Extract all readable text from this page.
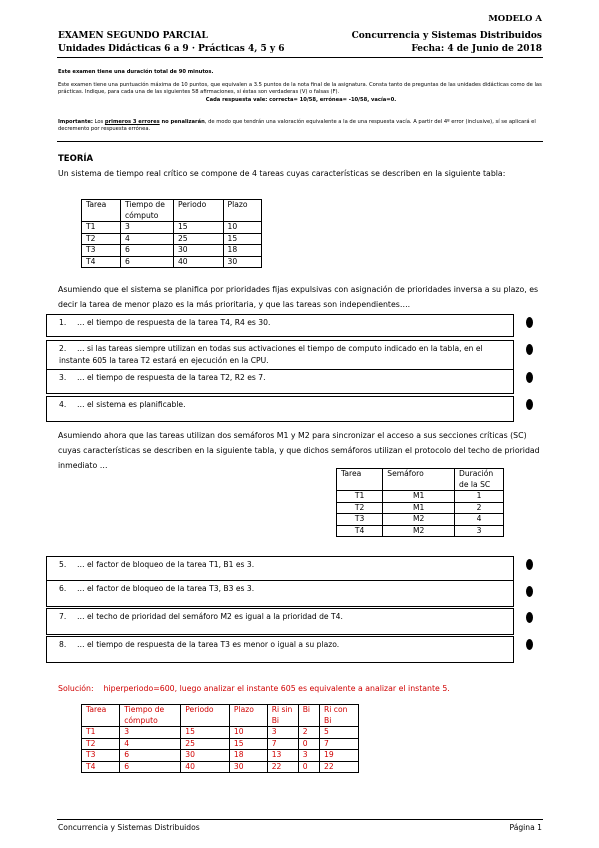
MODELO A
EXAMEN SEGUNDO PARCIAL
Unidades Didácticas 6 a 9 · Prácticas 4, 5 y 6
Concurrencia y Sistemas Distribuidos
Fecha: 4 de Junio de 2018
Este examen tiene una duración total de 90 minutos.
Este examen tiene una puntuación máxima de 10 puntos, que equivalen a 3.5 puntos de la nota final de la asignatura. Consta tanto de preguntas de las unidades didácticas como de las prácticas. Indique, para cada una de las siguientes 58 afirmaciones, si éstas son verdaderas (V) o falsas (F).
Cada respuesta vale: correcta= 10/58, errónea= -10/58, vacía=0.
Importante: Los primeros 3 errores no penalizarán, de modo que tendrán una valoración equivalente a la de una respuesta vacía. A partir del 4º error (inclusive), sí se aplicará el decremento por respuesta errónea.
TEORÍA
Un sistema de tiempo real crítico se compone de 4 tareas cuyas características se describen en la siguiente tabla:
Tarea	Tiempo de cómputo	Periodo	Plazo
T1	3	15	10
T2	4	25	15
T3	6	30	18
T4	6	40	30
Asumiendo que el sistema se planifica por prioridades fijas expulsivas con asignación de prioridades inversa a su plazo, es decir la tarea de menor plazo es la más prioritaria, y que las tareas son independientes….
1. … el tiempo de respuesta de la tarea T4, R4 es 30.
2. … si las tareas siempre utilizan en todas sus activaciones el tiempo de computo indicado en la tabla, en el instante 605 la tarea T2 estará en ejecución en la CPU.
3. … el tiempo de respuesta de la tarea T2, R2 es 7.
4. … el sistema es planificable.
Asumiendo ahora que las tareas utilizan dos semáforos M1 y M2 para sincronizar el acceso a sus secciones críticas (SC) cuyas características se describen en la siguiente tabla, y que dichos semáforos utilizan el protocolo del techo de prioridad inmediato …
Tarea	Semáforo	Duración de la SC
T1	M1	1
T2	M1	2
T3	M2	4
T4	M2	3
5. … el factor de bloqueo de la tarea T1, B1 es 3.
6. … el factor de bloqueo de la tarea T3, B3 es 3.
7. … el techo de prioridad del semáforo M2 es igual a la prioridad de T4.
8. … el tiempo de respuesta de la tarea T3 es menor o igual a su plazo.
Solución: hiperperiodo=600, luego analizar el instante 605 es equivalente a analizar el instante 5.
Tarea	Tiempo de cómputo	Periodo	Plazo	Ri sin Bi	Bi	Ri con Bi
T1	3	15	10	3	2	5
T2	4	25	15	7	0	7
T3	6	30	18	13	3	19
T4	6	40	30	22	0	22
Concurrencia y Sistemas Distribuidos	Página 1
